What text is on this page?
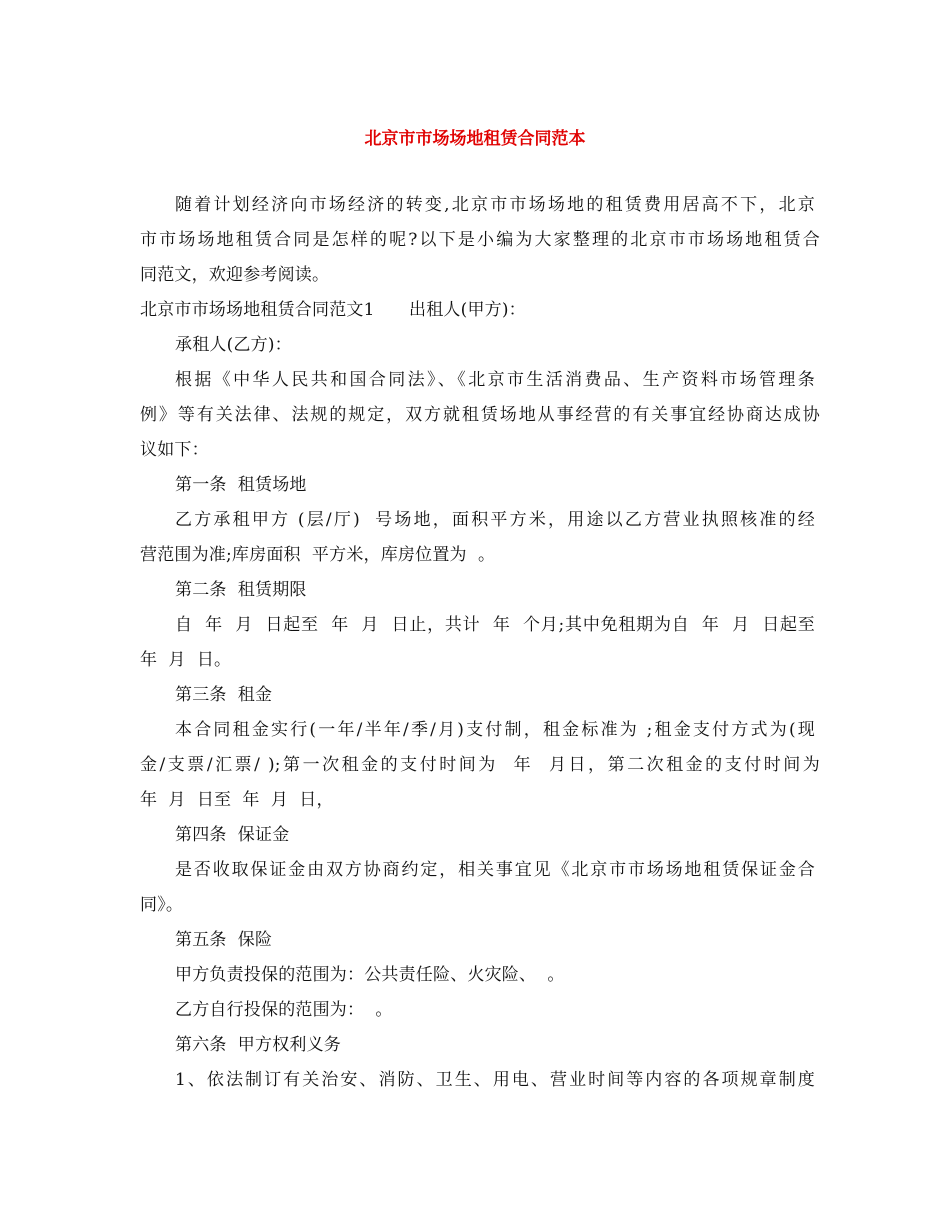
北京市市场场地租赁合同范本
随着计划经济向市场经济的转变,北京市市场场地的租赁费用居高不下，北京
市市场场地租赁合同是怎样的呢?以下是小编为大家整理的北京市市场场地租赁合
同范文，欢迎参考阅读。
北京市市场场地租赁合同范文1　　出租人(甲方)：
承租人(乙方)：
根据《中华人民共和国合同法》、《北京市生活消费品、生产资料市场管理条
例》等有关法律、法规的规定，双方就租赁场地从事经营的有关事宜经协商达成协
议如下：
第一条  租赁场地
乙方承租甲方 (层/厅)  号场地，面积平方米，用途以乙方营业执照核准的经
营范围为准;库房面积  平方米，库房位置为  。
第二条  租赁期限
自  年  月  日起至  年  月  日止，共计  年  个月;其中免租期为自  年  月  日起至
年  月  日。
第三条  租金
本合同租金实行(一年/半年/季/月)支付制，租金标准为 ;租金支付方式为(现
金/支票/汇票/ );第一次租金的支付时间为  年  月日，第二次租金的支付时间为
年  月  日至  年  月  日，
第四条  保证金
是否收取保证金由双方协商约定，相关事宜见《北京市市场场地租赁保证金合
同》。
第五条  保险
甲方负责投保的范围为：公共责任险、火灾险、  。
乙方自行投保的范围为：  。
第六条  甲方权利义务
1、依法制订有关治安、消防、卫生、用电、营业时间等内容的各项规章制度
